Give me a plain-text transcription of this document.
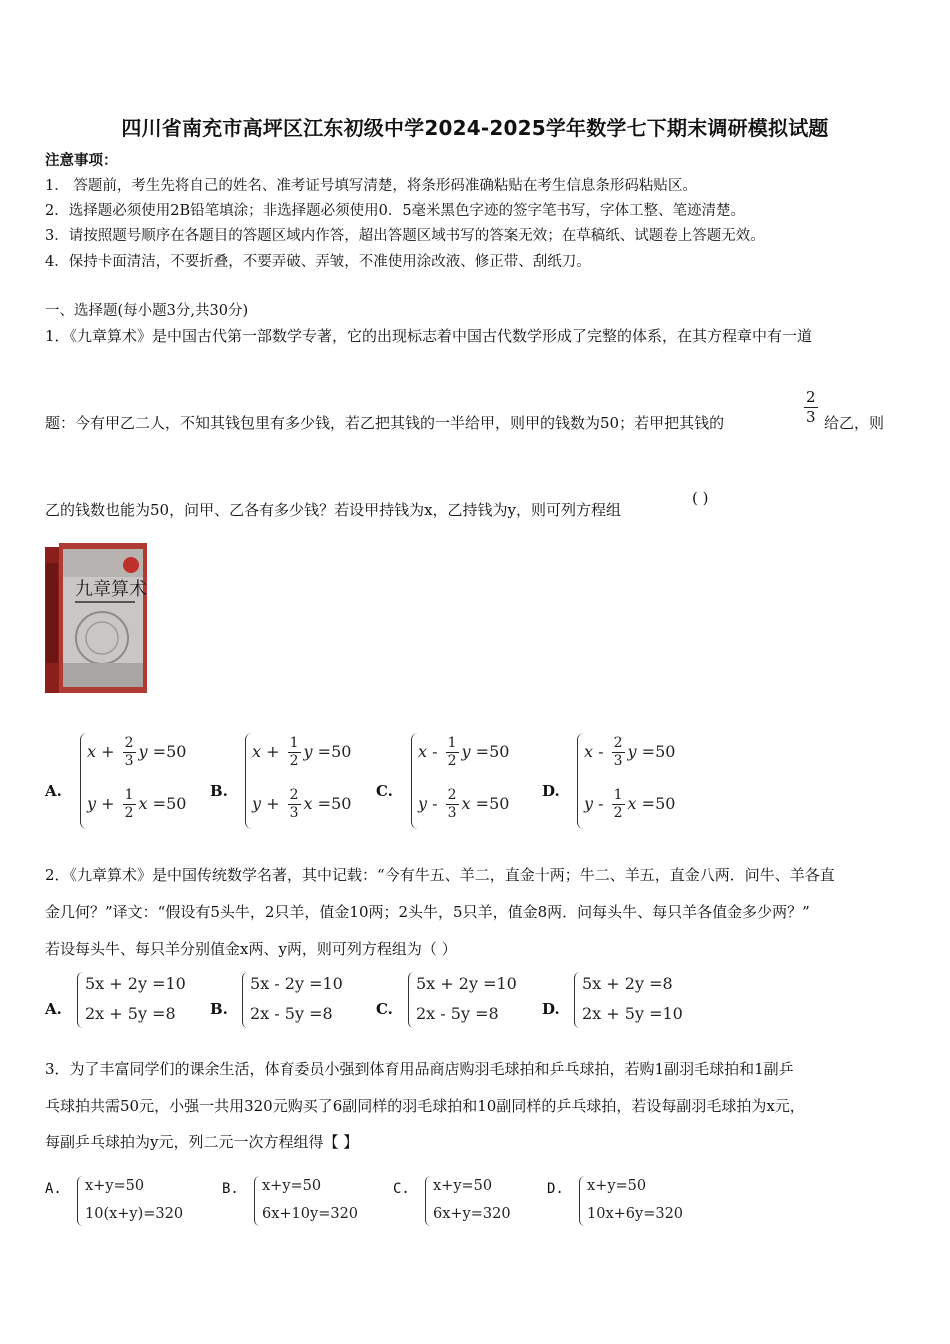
四川省南充市高坪区江东初级中学2024-2025学年数学七下期末调研模拟试题
注意事项：
1． 答题前，考生先将自己的姓名、准考证号填写清楚，将条形码准确粘贴在考生信息条形码粘贴区。
2．选择题必须使用2B铅笔填涂；非选择题必须使用0．5毫米黑色字迹的签字笔书写，字体工整、笔迹清楚。
3．请按照题号顺序在各题目的答题区域内作答，超出答题区域书写的答案无效；在草稿纸、试题卷上答题无效。
4．保持卡面清洁，不要折叠，不要弄破、弄皱，不准使用涂改液、修正带、刮纸刀。
一、选择题(每小题3分,共30分)
1．《九章算术》是中国古代第一部数学专著，它的出现标志着中国古代数学形成了完整的体系，在其方程章中有一道
题：今有甲乙二人，不知其钱包里有多少钱，若乙把其钱的一半给甲，则甲的钱数为50；若甲把其钱的	$\frac{2}{3}$ 给乙，则
乙的钱数也能为50，问甲、乙各有多少钱？若设甲持钱为x，乙持钱为y，则可列方程组
( )
九章算术
A.
$x + \frac{2}{3}$ y =50
$y + \frac{1}{2}$ x =50
B.
$x + \frac{1}{2}$ y =50
$y + \frac{2}{3}$ x =50
C.
x - $\frac{1}{2}$ y =50
y - $\frac{2}{3}$ x =50
D.
x - $\frac{2}{3}$ y =50
y - $\frac{1}{2}$ x =50
2．《九章算术》是中国传统数学名著，其中记载：“今有牛五、羊二，直金十两；牛二、羊五，直金八两．问牛、羊各直
金几何？”译文：“假设有5头牛，2只羊，值金10两；2头牛，5只羊，值金8两．问每头牛、每只羊各值金多少两？”
若设每头牛、每只羊分别值金x两、y两，则可列方程组为（ ）
A.
5x + 2y =10
2x + 5y =8 B.
5x - 2y =10
2x - 5y =8	C.
5x + 2y =10
2x - 5y =8	D.
5x + 2y =8
2x + 5y =10
3．为了丰富同学们的课余生活，体育委员小强到体育用品商店购羽毛球拍和乒乓球拍，若购1副羽毛球拍和1副乒
乓球拍共需50元，小强一共用320元购买了6副同样的羽毛球拍和10副同样的乒乓球拍，若设每副羽毛球拍为x元，
每副乒乓球拍为y元，列二元一次方程组得【 】
A. x+y=50
10(x+y)=320
B. x+y=50
6x+10y=320
C. x+y=50
6x+y=320
D. x+y=50
10x+6y=320
